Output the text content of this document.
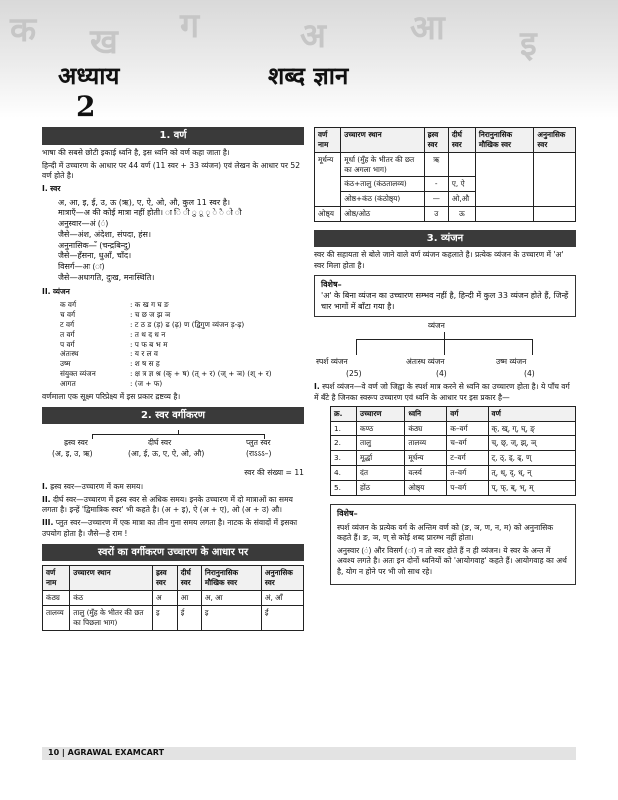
क ख ग	अ आ इ
अध्याय
2
शब्द ज्ञान
1. वर्ण

भाषा की सबसे छोटी इकाई ध्वनि है, इस ध्वनि को वर्ण कहा जाता है।

हिन्दी में उच्चारण के आधार पर 44 वर्ण (11 स्वर + 33 व्यंजन) एवं लेखन के आधार पर 52 वर्ण होते है।

I. स्वर

अ, आ, इ, ई, उ, ऊ (ऋ), ए, ऐ, ओ, औ, कुल 11 स्वर है।
मात्राएँ—अ की कोई मात्रा नहीं होती। ा ि ी ु ू ृ े ै ो ौ
अनुस्वार—अं (ं)
जैसे—अंश, अंदेशा, संपदा, हंस।
अनुनासिक—ँ (चन्द्रबिन्दु)
जैसे—हँसना, धुआँ, चाँद।
विसर्ग—अः (ः)
जैसे—अधःगति, दुःख, मनःस्थिति।

II. व्यंजन

क वर्ग	: क ख ग घ ङ
च वर्ग	: च छ ज झ ञ
ट वर्ग	: ट ठ ड (ड़) ढ (ढ़) ण (द्विगुण व्यंजन ड़-ढ़)
त वर्ग	: त थ द ध न
प वर्ग	: प फ ब भ म
अंतःस्थ	: य र ल व
उष्म	: श ष स ह
संयुक्त व्यंजन	: क्ष त्र ज्ञ श्र (क् + ष) (त् + र) (ज् + ञ) (श् + र)
आगत	: (ज + फ)

वर्णमाला एक सूक्ष्म परिप्रेक्ष्य में इस प्रकार द्रष्टव्य है।

2. स्वर वर्गीकरण
ह्रस्व स्वर	दीर्घ स्वर	प्लुत स्वर
(अ, इ, उ, ऋ)	(आ, ई, ऊ, ए, ऐ, ओ, औ)	(राऽऽऽ–)
स्वर की संख्या = 11

I. ह्रस्व स्वर—उच्चारण में कम समय।

II. दीर्घ स्वर—उच्चारण में ह्रस्व स्वर से अधिक समय। इनके उच्चारण में दो मात्राओं का समय लगता है। इन्हें 'द्विमात्रिक स्वर' भी कहते है। (अ + इ), ऐ (अ + ए), ओ (अ + उ) औ।

III. प्लुत स्वर—उच्चारण में एक मात्रा का तीन गुना समय लगता है। नाटक के संवादों में इसका उपयोग होता है। जैसे—हे राम !

स्वरों का वर्गीकरण उच्चारण के आधार पर
वर्ण नाम	उच्चारण स्थान	ह्रस्व स्वर	दीर्घ स्वर	निरानुनासिक मौखिक स्वर	अनुनासिक स्वर
कंठ्य	कंठ	अ	आ	अ, आ	अं, आँ
तालव्य	तालु (मुँह के भीतर की छत का पिछला भाग)	इ	ई	इ	ईं
वर्ण नाम	उच्चारण स्थान	ह्रस्व स्वर	दीर्घ स्वर	निरानुनासिक मौखिक स्वर	अनुनासिक स्वर
मूर्धन्य	मूर्धा (मुँह के भीतर की छत का अगला भाग)	ऋ			
	कंठ+तालु (कंठतालव्य)	-	ए, ऐ		
	ओष्ठ+कंठ (कंठोष्ठ्य)	—	ओ,औ		
ओष्ठ्य	ओष्ठ/ओठ	उ	ऊ		
3. व्यंजन

स्वर की सहायता से बोले जाने वाले वर्ण व्यंजन कहलाते है। प्रत्येक व्यंजन के उच्चारण में 'अ' स्वर मिला होता है।

विशेष–
'अ' के बिना व्यंजन का उच्चारण सम्भव नहीं है, हिन्दी में कुल 33 व्यंजन होते हैं, जिन्हें चार भागों में बाँटा गया है।
व्यंजन
स्पर्श व्यंजन	अंतःस्थ व्यंजन	उष्म व्यंजन
(25)	(4)	(4)

I. स्पर्श व्यंजन—वे वर्ण जो जिह्वा के स्पर्श मात्र करने से ध्वनि का उच्चारण होता है। ये पाँच वर्ग में बँटे है जिनका स्वरूप उच्चारण एवं ध्वनि के आधार पर इस प्रकार है—

क्र.	उच्चारण	ध्वनि	वर्ग	वर्ण
1.	कण्ठ	कंठ्य	क–वर्ग	क्, ख्, ग्, घ्, ङ्
2.	तालु	तालव्य	च–वर्ग	च्, छ्, ज्, झ्, ञ्
3.	मूर्द्धा	मूर्धन्य	ट–वर्ग	ट्, ठ्, ड्, ढ्, ण्
4.	दंत	वर्त्स्य	त–वर्ग	त्, थ्, द्, ध्, न्
5.	होंठ	ओष्ठ्य	प–वर्ग	प्, फ्, ब्, भ्, म्
विशेष–

स्पर्श व्यंजन के प्रत्येक वर्ग के अन्तिम वर्ण को (ङ, ञ, ण, न, म) को अनुनासिक कहते हैं। ङ, ञ, ण् से कोई शब्द प्रारम्भ नहीं होता।

अनुस्वार (ं) और विसर्ग (ः) न तो स्वर होते हैं न ही व्यंजन। ये स्वर के अन्त में अवश्य लगते है। अतः इन दोनों ध्वनियों को 'आयोगवाह' कहते हैं। आयोगवाह का अर्थ है, योग न होने पर भी जो साथ रहे।

10 | AGRAWAL EXAMCART
